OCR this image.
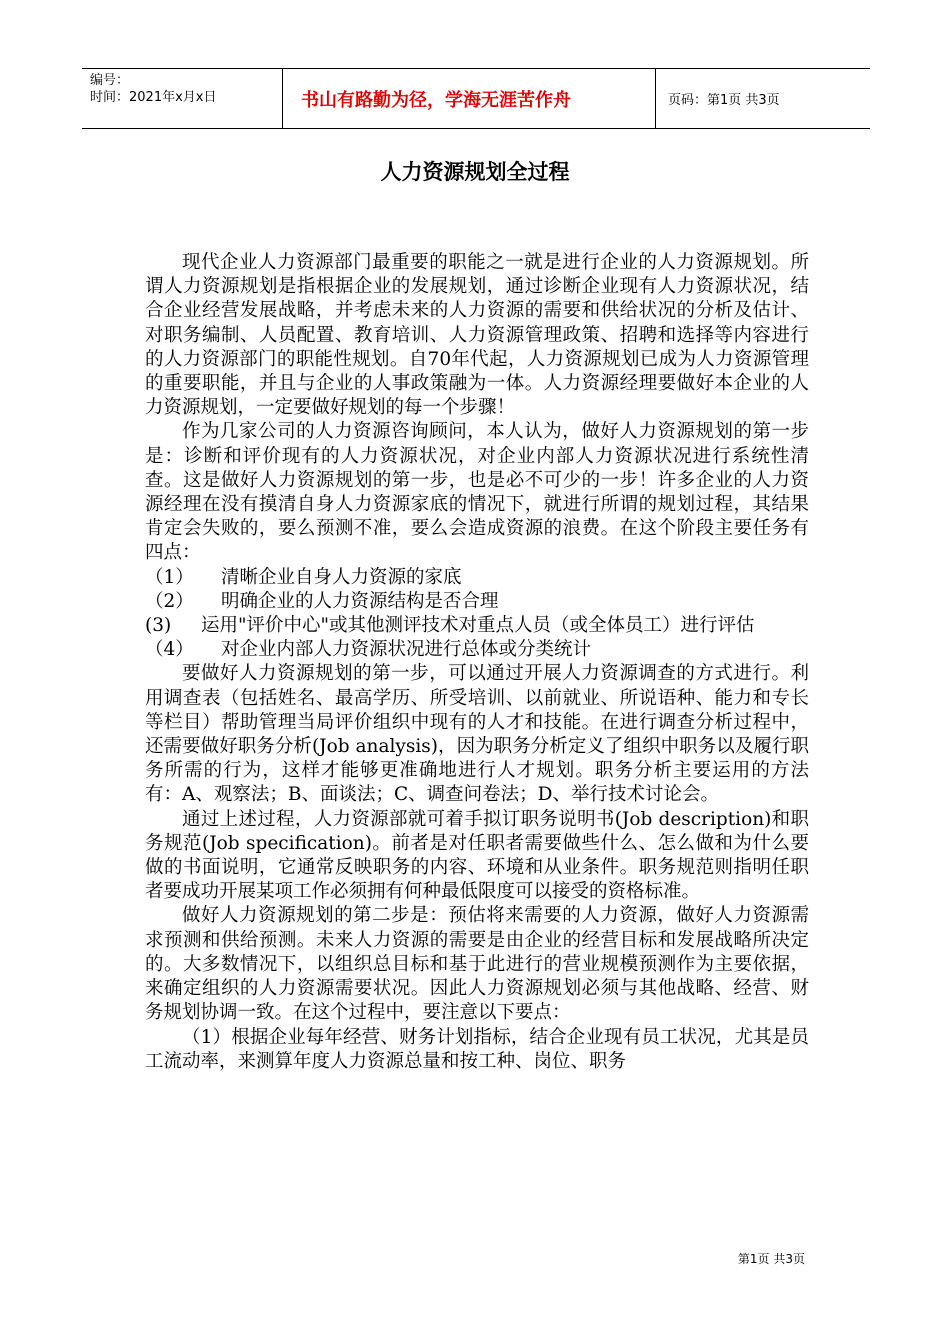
编号：
时间：2021年x月x日	书山有路勤为径，学海无涯苦作舟	页码：第1页 共3页
人力资源规划全过程

现代企业人力资源部门最重要的职能之一就是进行企业的人力资源规划。所谓人力资源规划是指根据企业的发展规划，通过诊断企业现有人力资源状况，结合企业经营发展战略，并考虑未来的人力资源的需要和供给状况的分析及估计、对职务编制、人员配置、教育培训、人力资源管理政策、招聘和选择等内容进行的人力资源部门的职能性规划。自70年代起，人力资源规划已成为人力资源管理的重要职能，并且与企业的人事政策融为一体。人力资源经理要做好本企业的人力资源规划，一定要做好规划的每一个步骤！

作为几家公司的人力资源咨询顾问，本人认为，做好人力资源规划的第一步是：诊断和评价现有的人力资源状况，对企业内部人力资源状况进行系统性清查。这是做好人力资源规划的第一步，也是必不可少的一步！许多企业的人力资源经理在没有摸清自身人力资源家底的情况下，就进行所谓的规划过程，其结果肯定会失败的，要么预测不准，要么会造成资源的浪费。在这个阶段主要任务有四点：

（1） 清晰企业自身人力资源的家底

（2） 明确企业的人力资源结构是否合理

(3) 运用"评价中心"或其他测评技术对重点人员（或全体员工）进行评估

（4） 对企业内部人力资源状况进行总体或分类统计

要做好人力资源规划的第一步，可以通过开展人力资源调查的方式进行。利用调查表（包括姓名、最高学历、所受培训、以前就业、所说语种、能力和专长等栏目）帮助管理当局评价组织中现有的人才和技能。在进行调查分析过程中，还需要做好职务分析(Job analysis)，因为职务分析定义了组织中职务以及履行职务所需的行为，这样才能够更准确地进行人才规划。职务分析主要运用的方法有：A、观察法；B、面谈法；C、调查问卷法；D、举行技术讨论会。

通过上述过程，人力资源部就可着手拟订职务说明书(Job description)和职务规范(Job specification)。前者是对任职者需要做些什么、怎么做和为什么要做的书面说明，它通常反映职务的内容、环境和从业条件。职务规范则指明任职者要成功开展某项工作必须拥有何种最低限度可以接受的资格标准。

做好人力资源规划的第二步是：预估将来需要的人力资源，做好人力资源需求预测和供给预测。未来人力资源的需要是由企业的经营目标和发展战略所决定的。大多数情况下，以组织总目标和基于此进行的营业规模预测作为主要依据，来确定组织的人力资源需要状况。因此人力资源规划必须与其他战略、经营、财务规划协调一致。在这个过程中，要注意以下要点：

（1）根据企业每年经营、财务计划指标，结合企业现有员工状况，尤其是员工流动率，来测算年度人力资源总量和按工种、岗位、职务

第1页 共3页
